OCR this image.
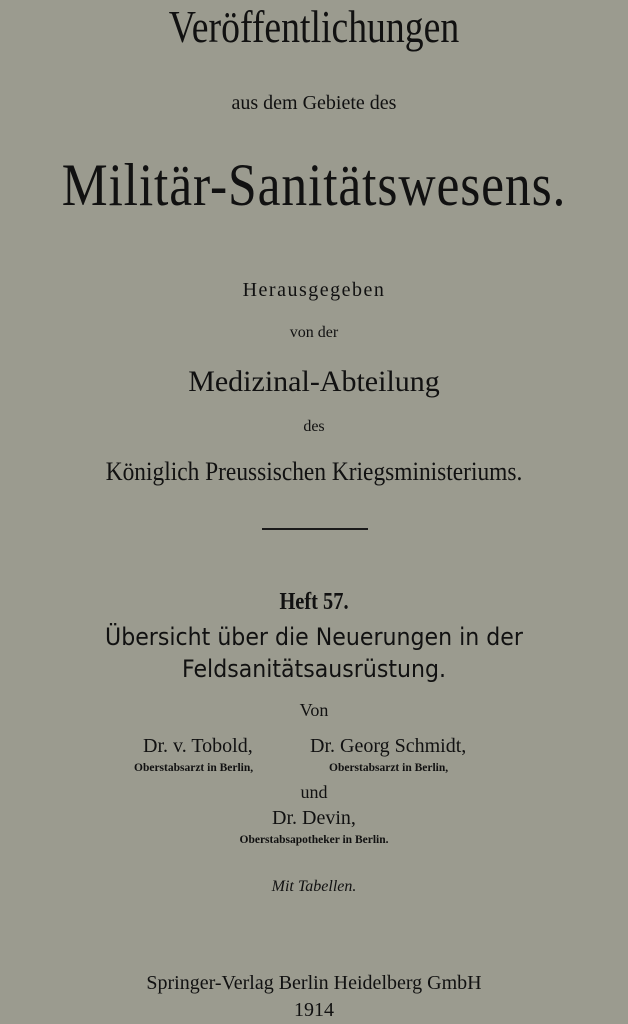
Veröffentlichungen
aus dem Gebiete des
Militär-Sanitätswesens.
Herausgegeben
von der
Medizinal-Abteilung
des
Königlich Preussischen Kriegsministeriums.
Heft 57.
Übersicht über die Neuerungen in der
Feldsanitätsausrüstung.
Von
Dr. v. Tobold,
Oberstabsarzt in Berlin,
Dr. Georg Schmidt,
Oberstabsarzt in Berlin,
und
Dr. Devin,
Oberstabsapotheker in Berlin.
Mit Tabellen.
Springer-Verlag Berlin Heidelberg GmbH
1914
